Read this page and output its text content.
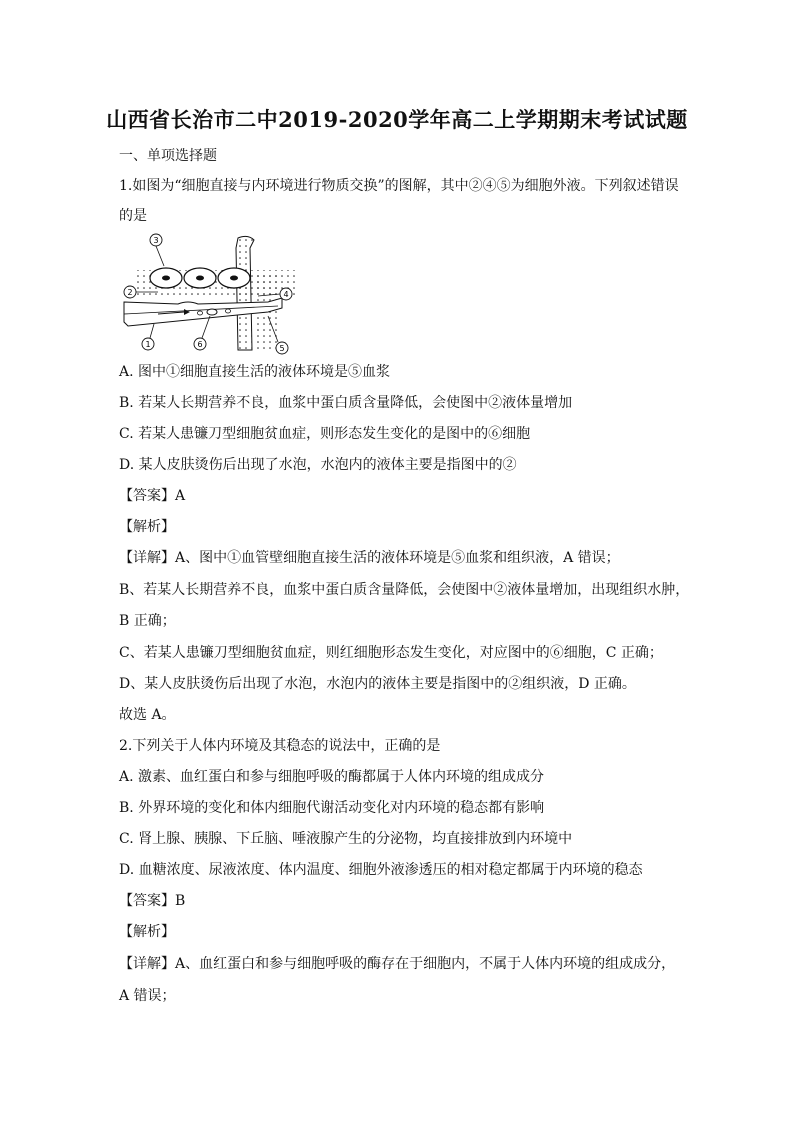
山西省长治市二中2019-2020学年高二上学期期末考试试题
一、单项选择题
1.如图为“细胞直接与内环境进行物质交换”的图解，其中②④⑤为细胞外液。下列叙述错误
的是
3
2	4
1	6	5
A. 图中①细胞直接生活的液体环境是⑤血浆
B. 若某人长期营养不良，血浆中蛋白质含量降低，会使图中②液体量增加
C. 若某人患镰刀型细胞贫血症，则形态发生变化的是图中的⑥细胞
D. 某人皮肤烫伤后出现了水泡，水泡内的液体主要是指图中的②
【答案】A
【解析】
【详解】A、图中①血管壁细胞直接生活的液体环境是⑤血浆和组织液，A 错误；
B、若某人长期营养不良，血浆中蛋白质含量降低，会使图中②液体量增加，出现组织水肿，
B 正确；
C、若某人患镰刀型细胞贫血症，则红细胞形态发生变化，对应图中的⑥细胞，C 正确；
D、某人皮肤烫伤后出现了水泡，水泡内的液体主要是指图中的②组织液，D 正确。
故选 A。
2.下列关于人体内环境及其稳态的说法中，正确的是
A. 激素、血红蛋白和参与细胞呼吸的酶都属于人体内环境的组成成分
B. 外界环境的变化和体内细胞代谢活动变化对内环境的稳态都有影响
C. 肾上腺、胰腺、下丘脑、唾液腺产生的分泌物，均直接排放到内环境中
D. 血糖浓度、尿液浓度、体内温度、细胞外液渗透压的相对稳定都属于内环境的稳态
【答案】B
【解析】
【详解】A、血红蛋白和参与细胞呼吸的酶存在于细胞内，不属于人体内环境的组成成分，
A 错误；
